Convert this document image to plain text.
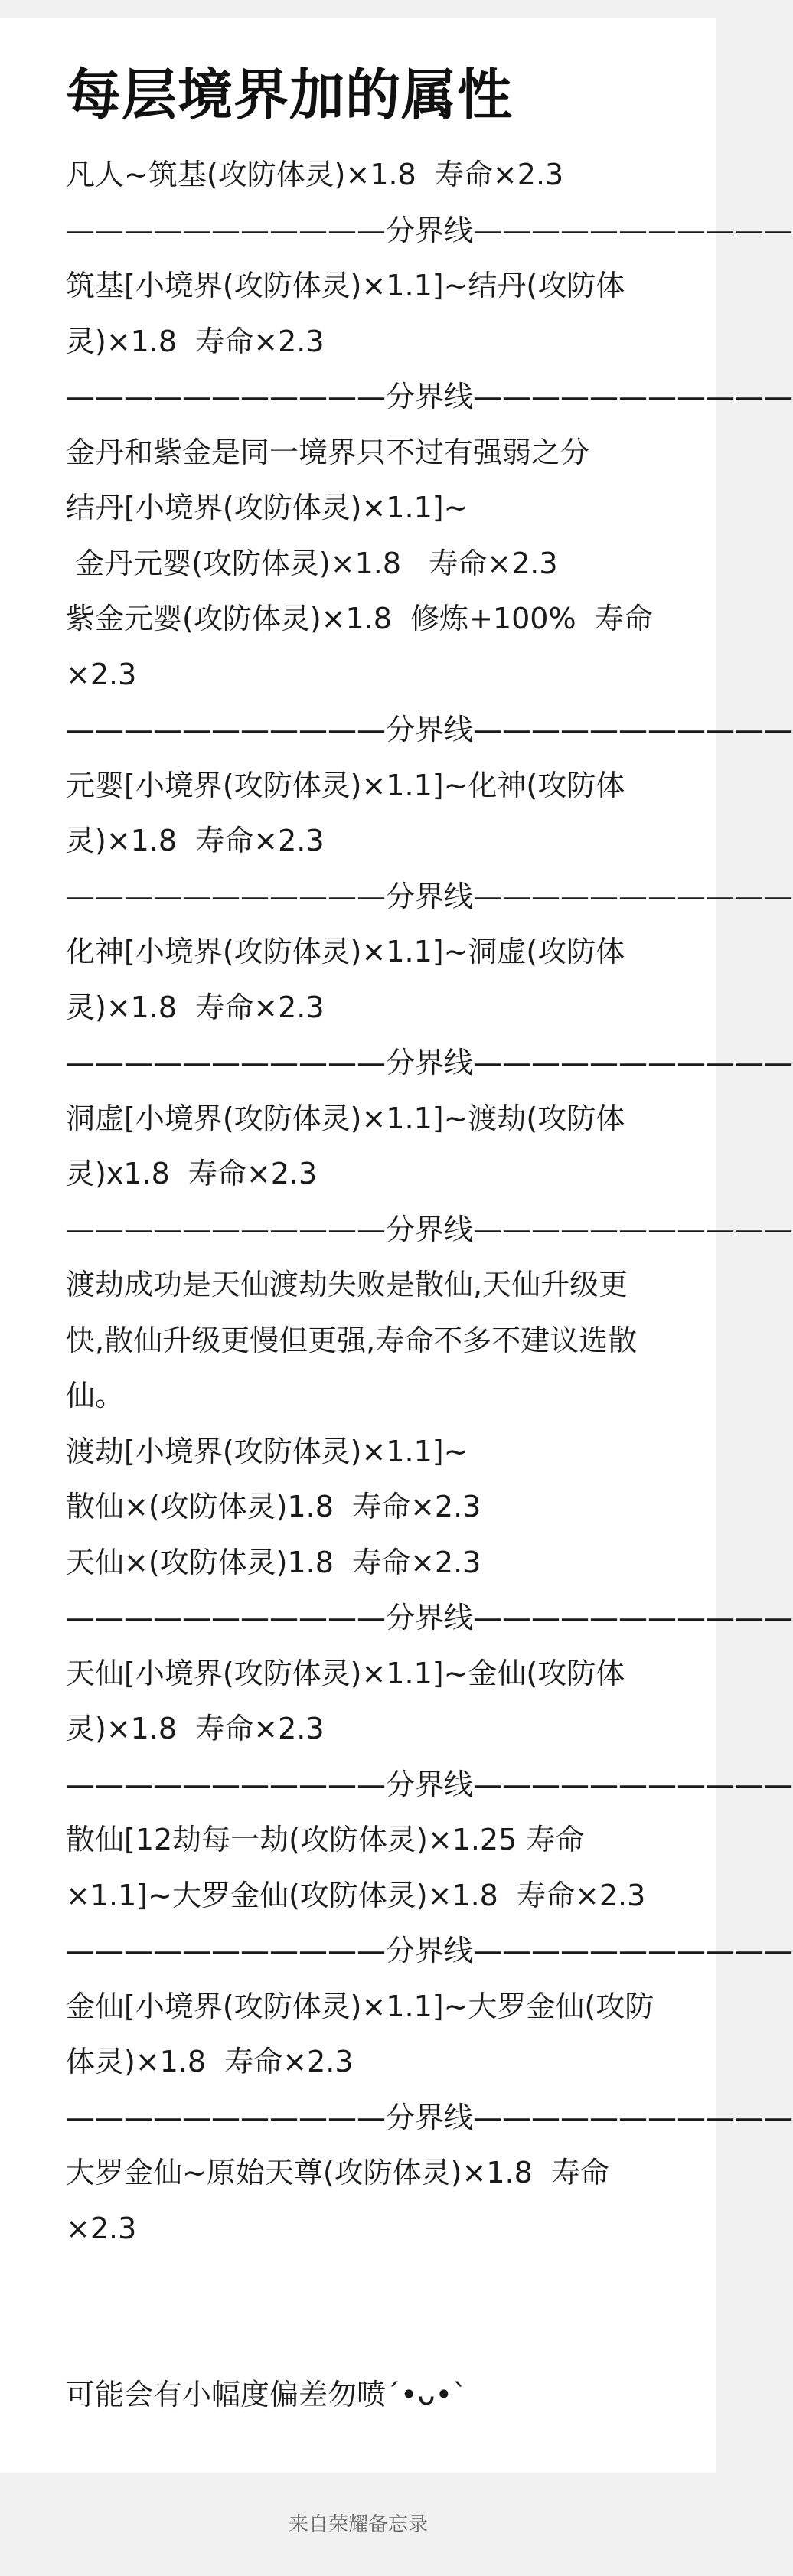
每层境界加的属性
凡人~筑基(攻防体灵)×1.8  寿命×2.3
———————————分界线———————————
筑基[小境界(攻防体灵)×1.1]~结丹(攻防体
灵)×1.8  寿命×2.3
———————————分界线———————————
金丹和紫金是同一境界只不过有强弱之分
结丹[小境界(攻防体灵)×1.1]~
金丹元婴(攻防体灵)×1.8   寿命×2.3
紫金元婴(攻防体灵)×1.8  修炼+100%  寿命
×2.3
———————————分界线———————————
元婴[小境界(攻防体灵)×1.1]~化神(攻防体
灵)×1.8  寿命×2.3
———————————分界线———————————
化神[小境界(攻防体灵)×1.1]~洞虚(攻防体
灵)×1.8  寿命×2.3
———————————分界线———————————
洞虚[小境界(攻防体灵)×1.1]~渡劫(攻防体
灵)x1.8  寿命×2.3
———————————分界线———————————
渡劫成功是天仙渡劫失败是散仙,天仙升级更
快,散仙升级更慢但更强,寿命不多不建议选散
仙。
渡劫[小境界(攻防体灵)×1.1]~
散仙×(攻防体灵)1.8  寿命×2.3
天仙×(攻防体灵)1.8  寿命×2.3
———————————分界线———————————
天仙[小境界(攻防体灵)×1.1]~金仙(攻防体
灵)×1.8  寿命×2.3
———————————分界线———————————
散仙[12劫每一劫(攻防体灵)×1.25 寿命
×1.1]~大罗金仙(攻防体灵)×1.8  寿命×2.3
———————————分界线———————————
金仙[小境界(攻防体灵)×1.1]~大罗金仙(攻防
体灵)×1.8  寿命×2.3
———————————分界线———————————
大罗金仙~原始天尊(攻防体灵)×1.8  寿命
×2.3
可能会有小幅度偏差勿喷ˊ•ᴗ•ˋ
来自荣耀备忘录
